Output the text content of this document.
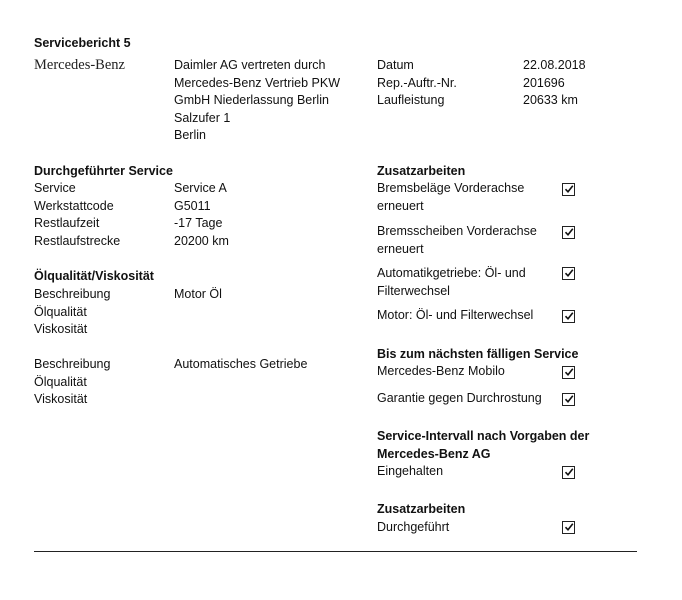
Servicebericht 5
Mercedes-Benz	Daimler AG vertreten durch
Mercedes-Benz Vertrieb PKW
GmbH Niederlassung Berlin
Salzufer 1
Berlin
Datum
Rep.-Auftr.-Nr.
Laufleistung
22.08.2018
201696
20633 km
Durchgeführter Service
Service
Werkstattcode
Restlaufzeit
Restlaufstrecke
Service A
G5011
-17 Tage
20200 km
Ölqualität/Viskosität
Beschreibung
Ölqualität
Viskosität
Motor Öl
Beschreibung
Ölqualität
Viskosität
Automatisches Getriebe
Zusatzarbeiten
Bremsbeläge Vorderachse
erneuert
Bremsscheiben Vorderachse
erneuert
Automatikgetriebe: Öl- und
Filterwechsel
Motor: Öl- und Filterwechsel
Bis zum nächsten fälligen Service
Mercedes-Benz Mobilo
Garantie gegen Durchrostung
Service-Intervall nach Vorgaben der
Mercedes-Benz AG
Eingehalten
Zusatzarbeiten
Durchgeführt
